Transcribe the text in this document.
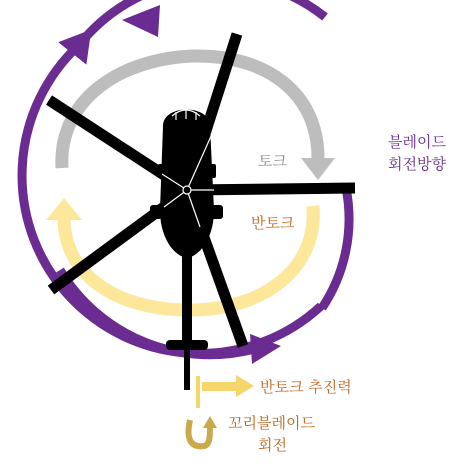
블레이드
회전방향
토크
반토크
반토크 추진력
꼬리블레이드
회전
